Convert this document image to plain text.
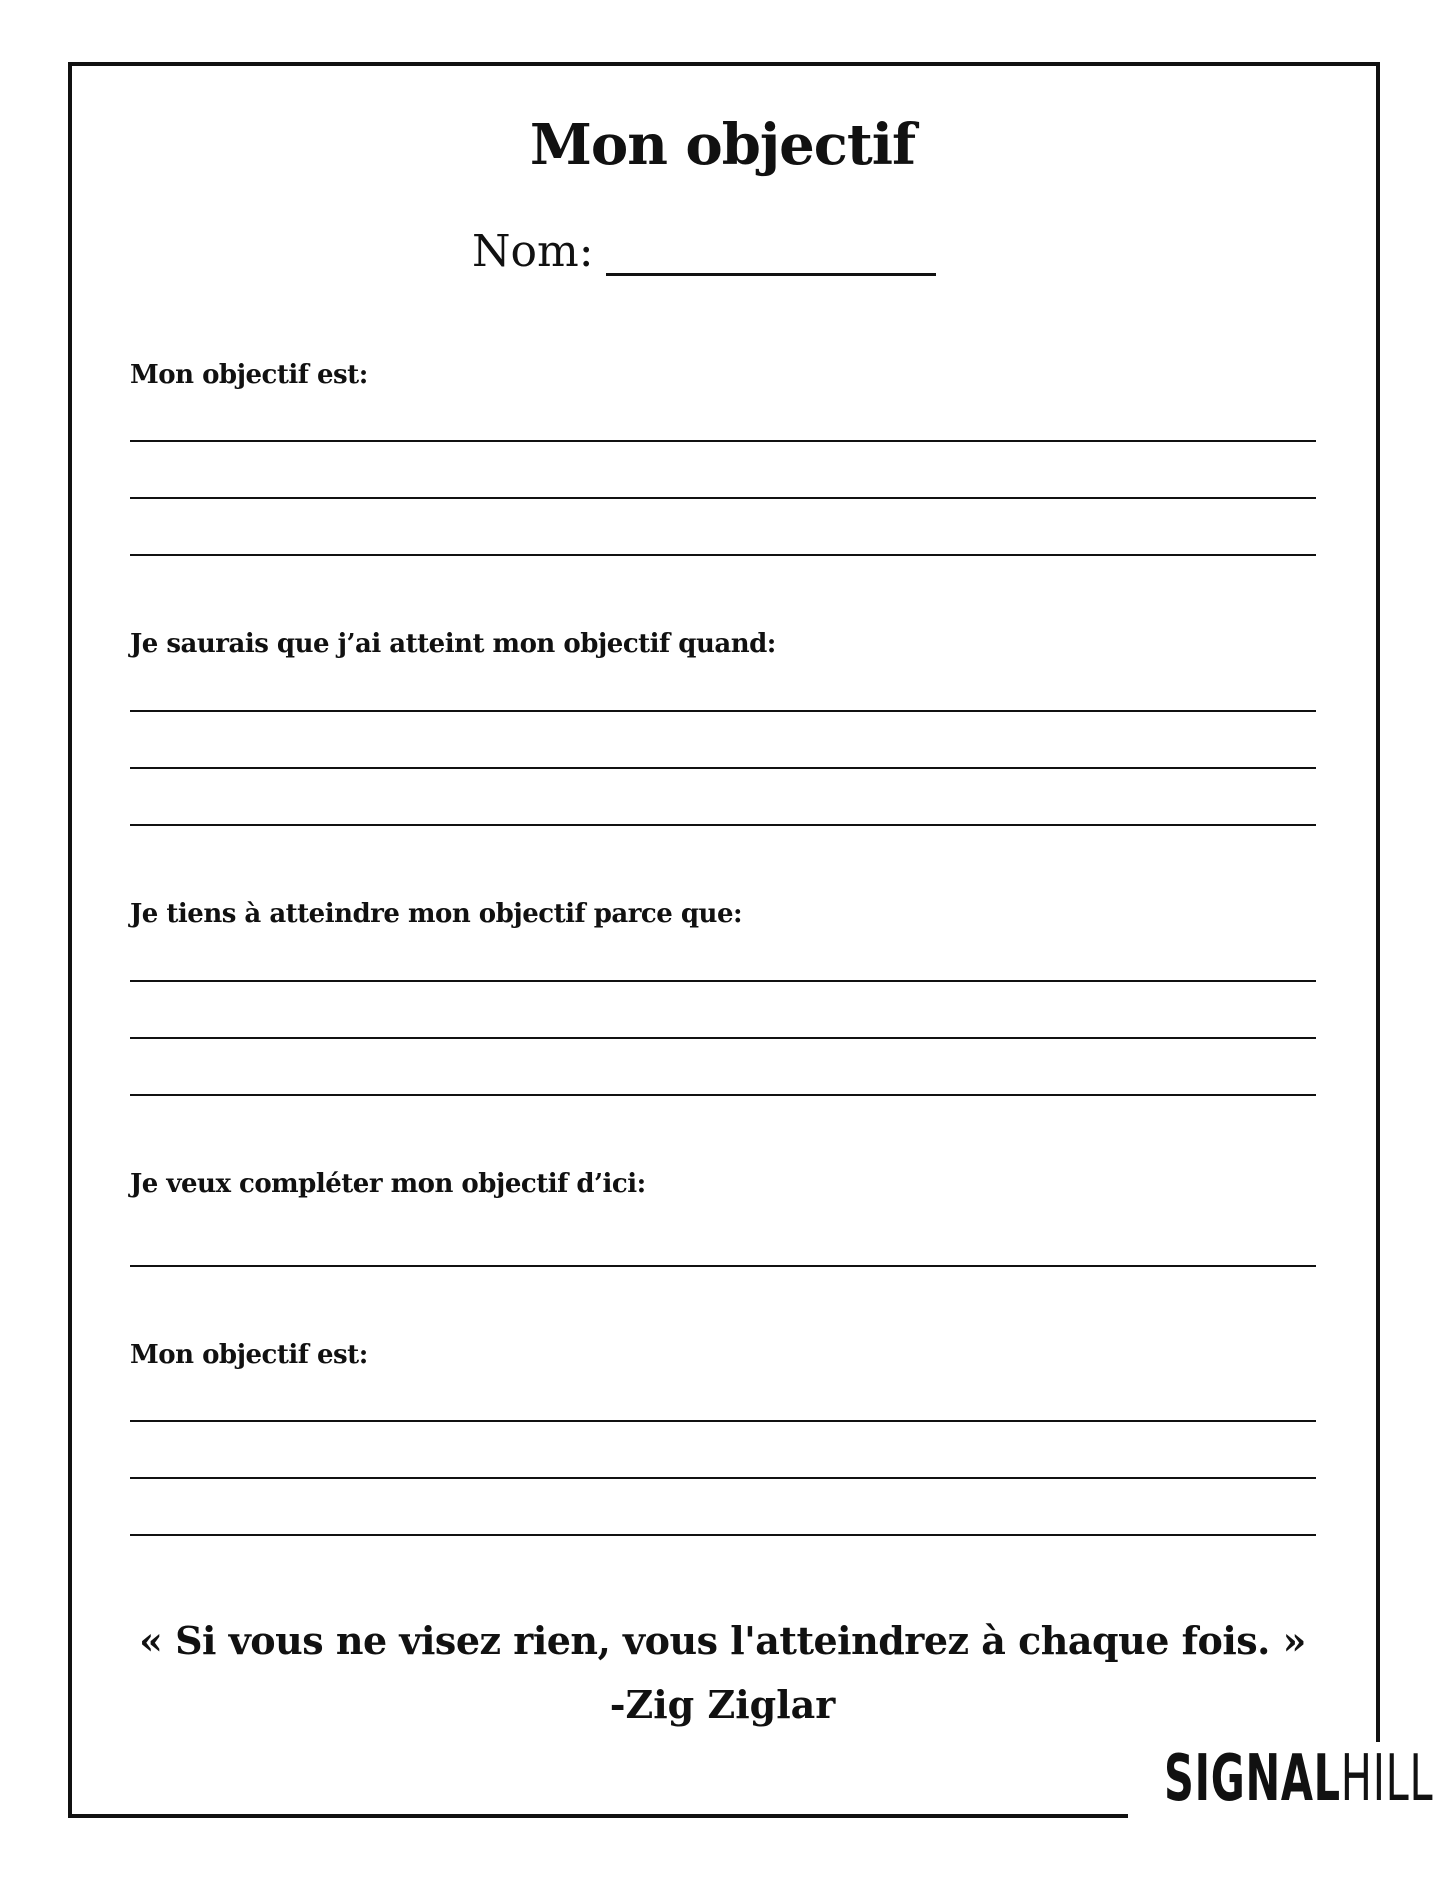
Mon objectif
Nom:
Mon objectif est:
Je saurais que j’ai atteint mon objectif quand:
Je tiens à atteindre mon objectif parce que:
Je veux compléter mon objectif d’ici:
Mon objectif est:
« Si vous ne visez rien, vous l'atteindrez à chaque fois. »
-Zig Ziglar
SIGNALHILL
